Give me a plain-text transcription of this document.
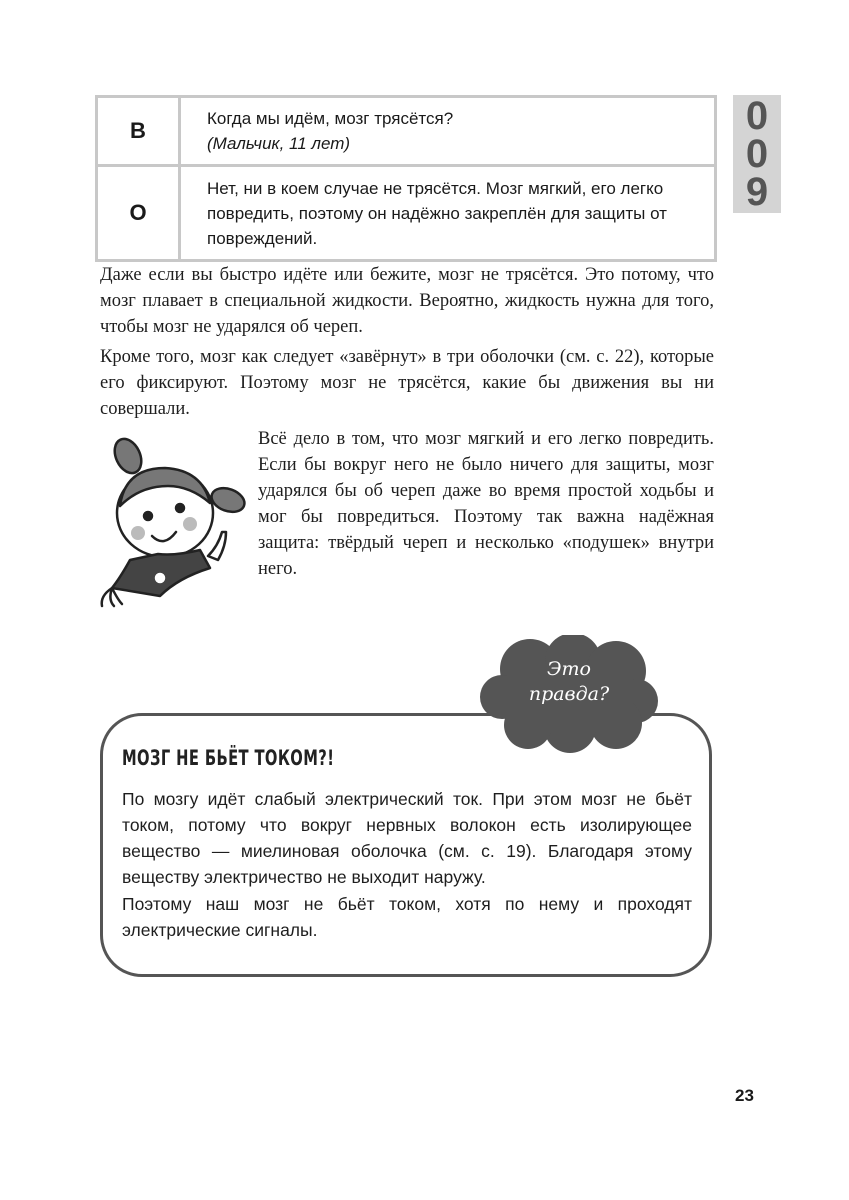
В	Когда мы идём, мозг трясётся?
(Мальчик, 11 лет)

О	Нет, ни в коем случае не трясётся. Мозг мягкий, его легко повредить, поэтому он надёжно закреплён для защиты от повреждений.
0
0
9

Даже если вы быстро идёте или бежите, мозг не трясётся. Это потому, что мозг плавает в специальной жидкости. Вероятно, жидкость нужна для того, чтобы мозг не ударялся об череп.

Кроме того, мозг как следует «завёрнут» в три оболочки (см. с. 22), которые его фиксируют. Поэтому мозг не трясётся, какие бы движения вы ни совершали.

Всё дело в том, что мозг мягкий и его легко повредить. Если бы вокруг него не было ничего для защиты, мозг ударялся бы об череп даже во время простой ходьбы и мог бы повредиться. Поэтому так важна надёжная защита: твёрдый череп и несколько «подушек» внутри него.

Это
правда?
МОЗГ НЕ БЬЁТ ТОКОМ?!

По мозгу идёт слабый электрический ток. При этом мозг не бьёт током, потому что вокруг нервных волокон есть изолирующее вещество — миелиновая оболочка (см. с. 19). Благодаря этому веществу электричество не выходит наружу.

Поэтому наш мозг не бьёт током, хотя по нему и проходят электрические сигналы.

23
